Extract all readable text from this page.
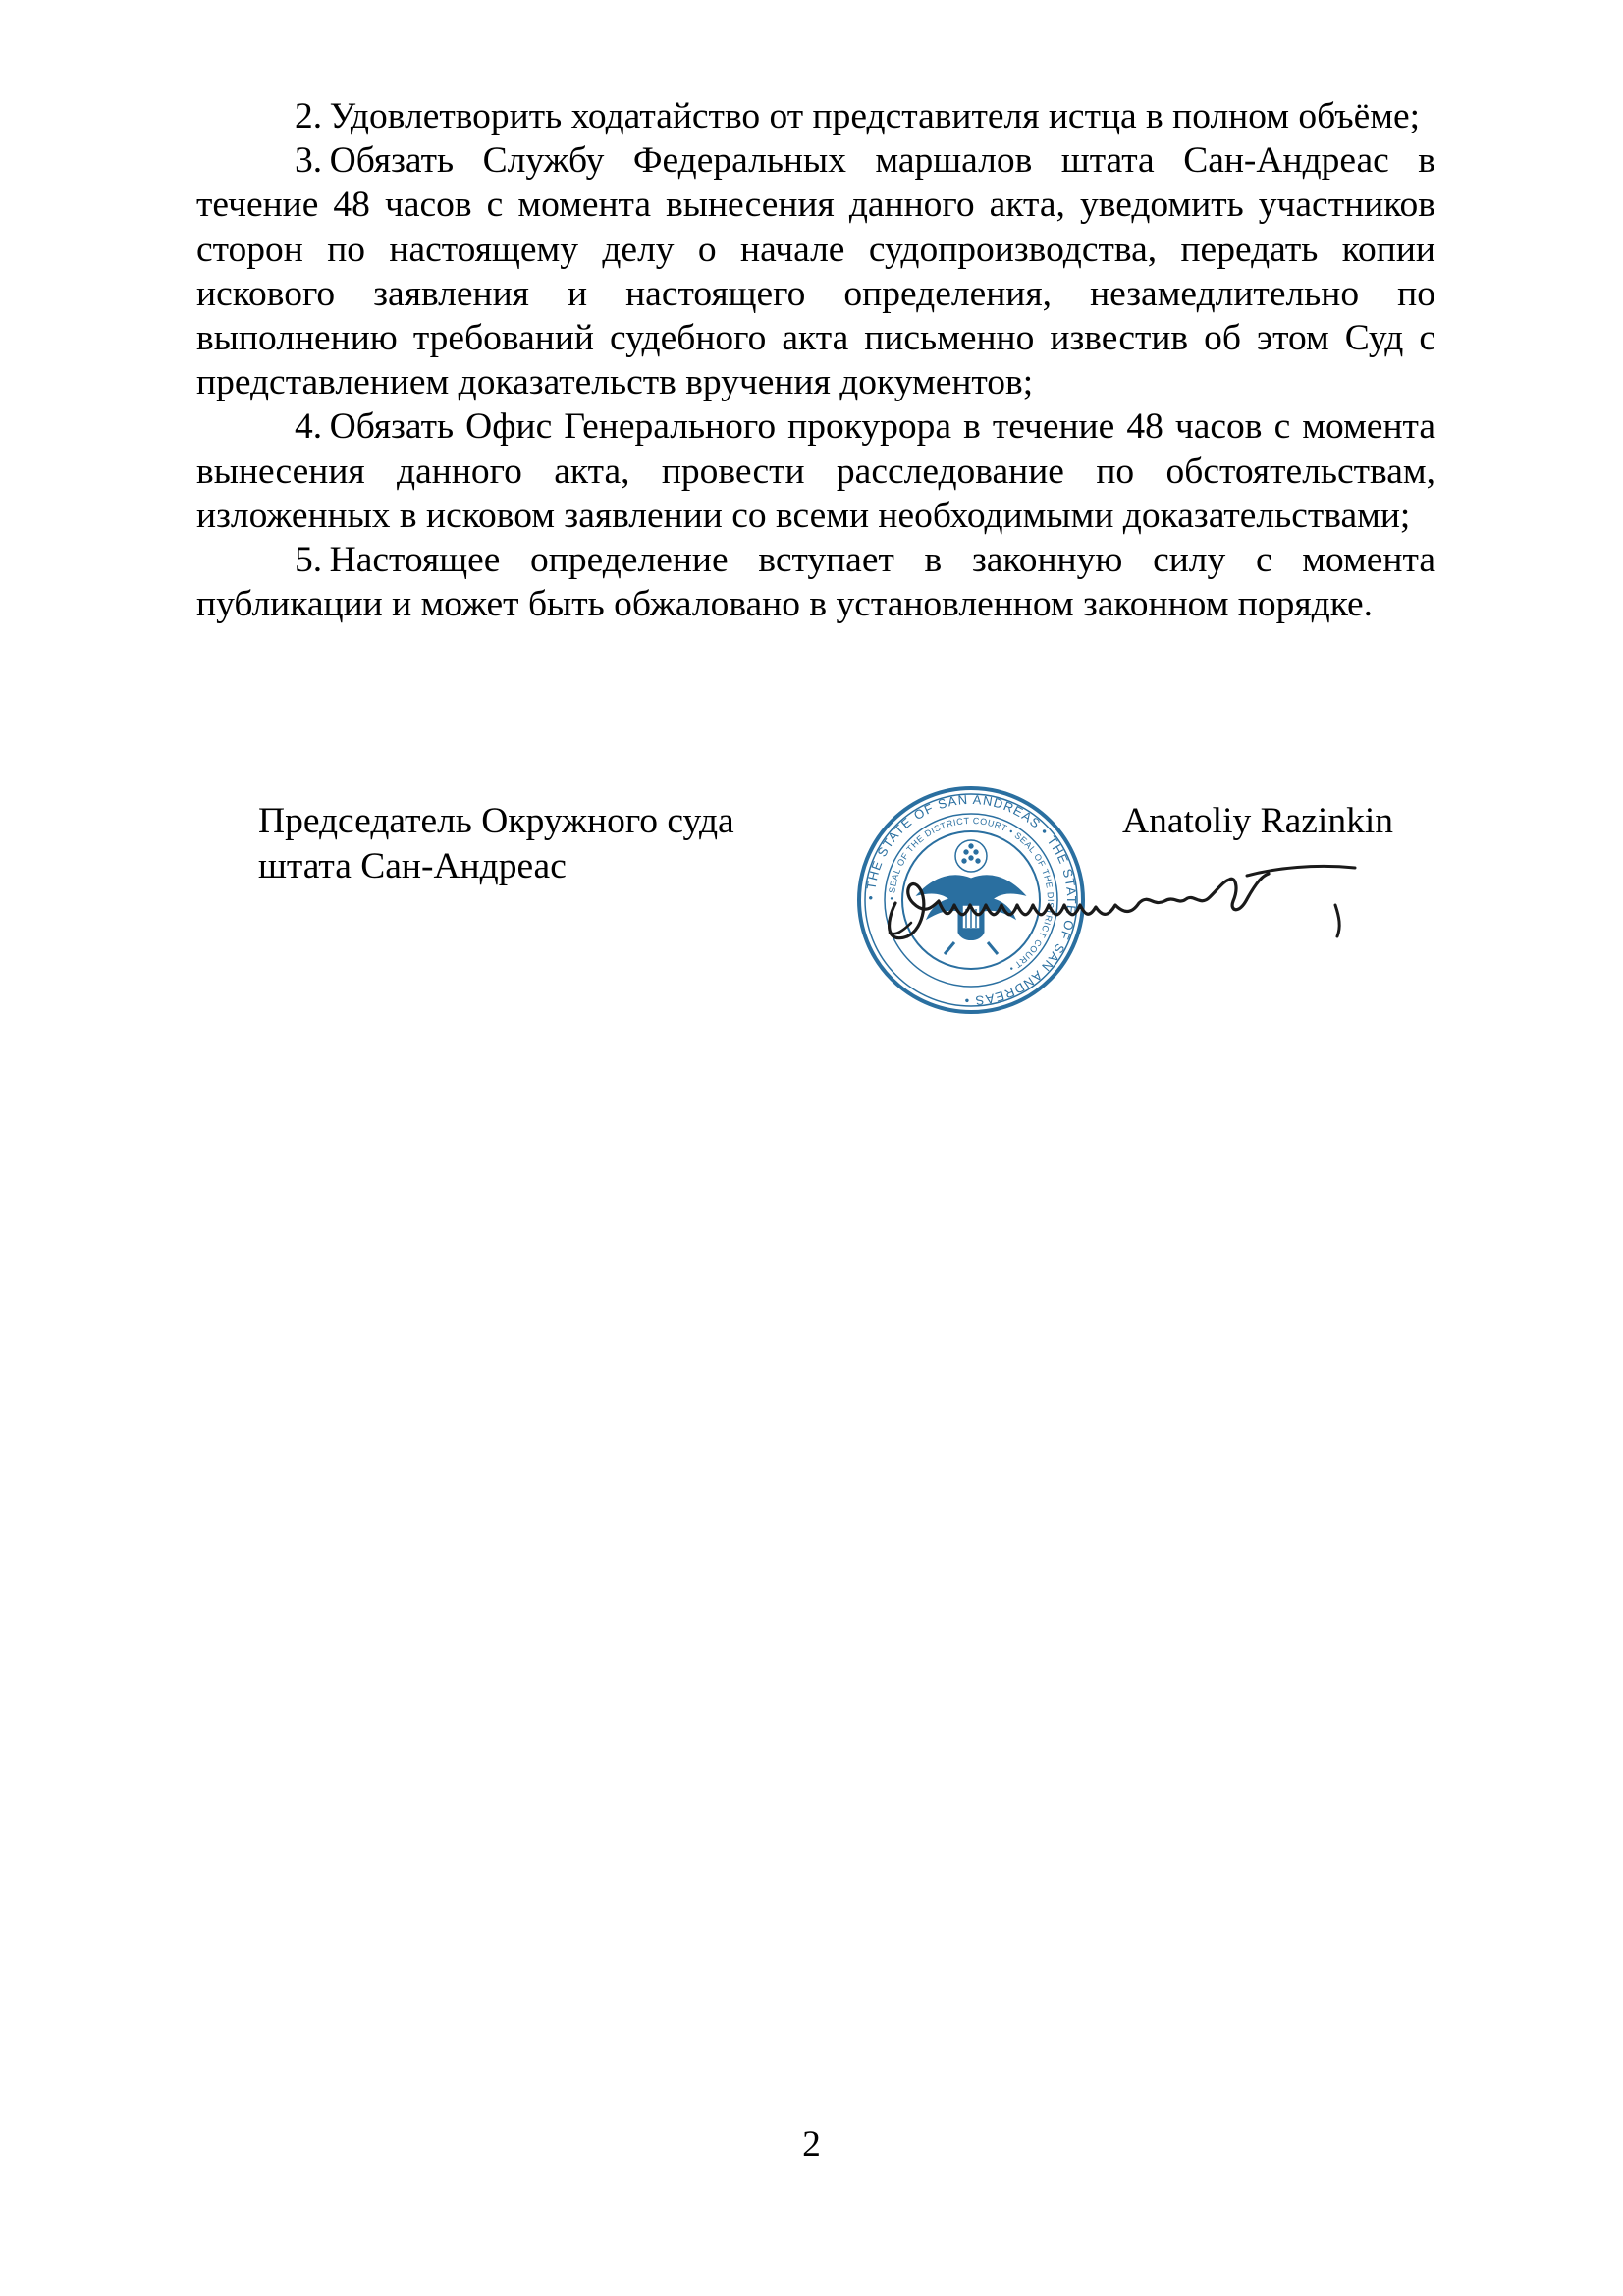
2.  Удовлетворить ходатайство от представителя истца в полном объёме;

3.  Обязать Службу Федеральных маршалов штата Сан-Андреас в течение 48 часов с момента вынесения данного акта, уведомить участников сторон по настоящему делу о начале судопроизводства, передать копии искового заявления и настоящего определения, незамедлительно по выполнению требований судебного акта письменно известив об этом Суд с представлением доказательств вручения документов;

4.  Обязать Офис Генерального прокурора в течение 48 часов с момента вынесения данного акта, провести расследование по обстоятельствам, изложенных в исковом заявлении со всеми необходимыми доказательствами;

5.  Настоящее определение вступает в законную силу с момента публикации и может быть обжаловано в установленном законном порядке.

Председатель Окружного суда
штата Сан-Андреас
• THE STATE OF SAN ANDREAS • THE STATE OF SAN ANDREAS •
• SEAL OF THE DISTRICT COURT • SEAL OF THE DISTRICT COURT •
Anatoliy Razinkin
2
